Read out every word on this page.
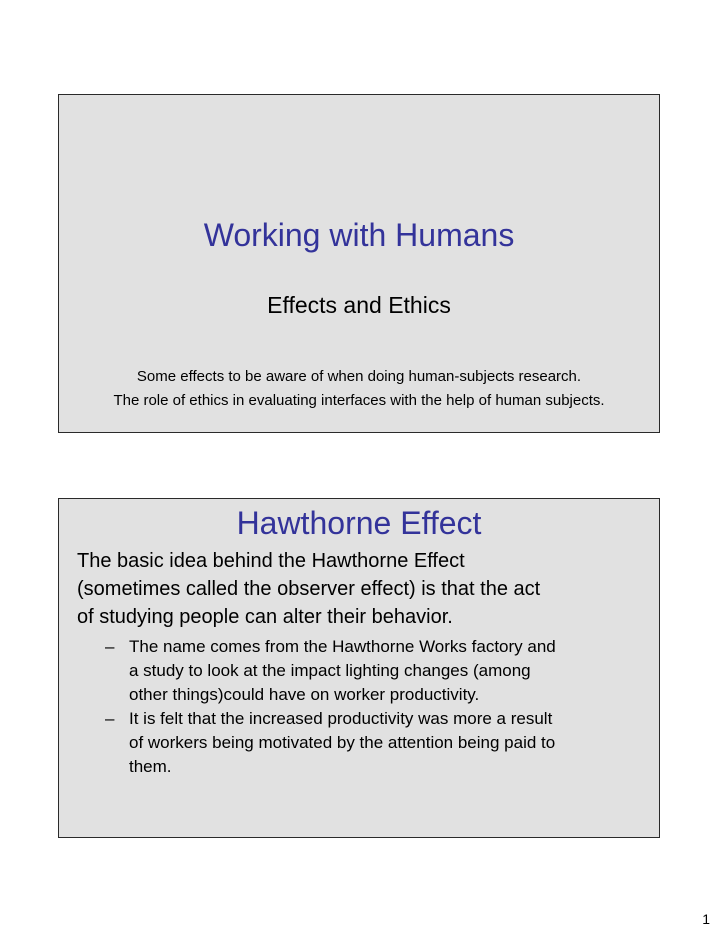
Working with Humans
Effects and Ethics
Some effects to be aware of when doing human-subjects research.
The role of ethics in evaluating interfaces with the help of human subjects.
Hawthorne Effect
The basic idea behind the Hawthorne Effect
(sometimes called the observer effect) is that the act
of studying people can alter their behavior.
– The name comes from the Hawthorne Works factory and
a study to look at the impact lighting changes (among
other things)could have on worker productivity.
– It is felt that the increased productivity was more a result
of workers being motivated by the attention being paid to
them.
1
